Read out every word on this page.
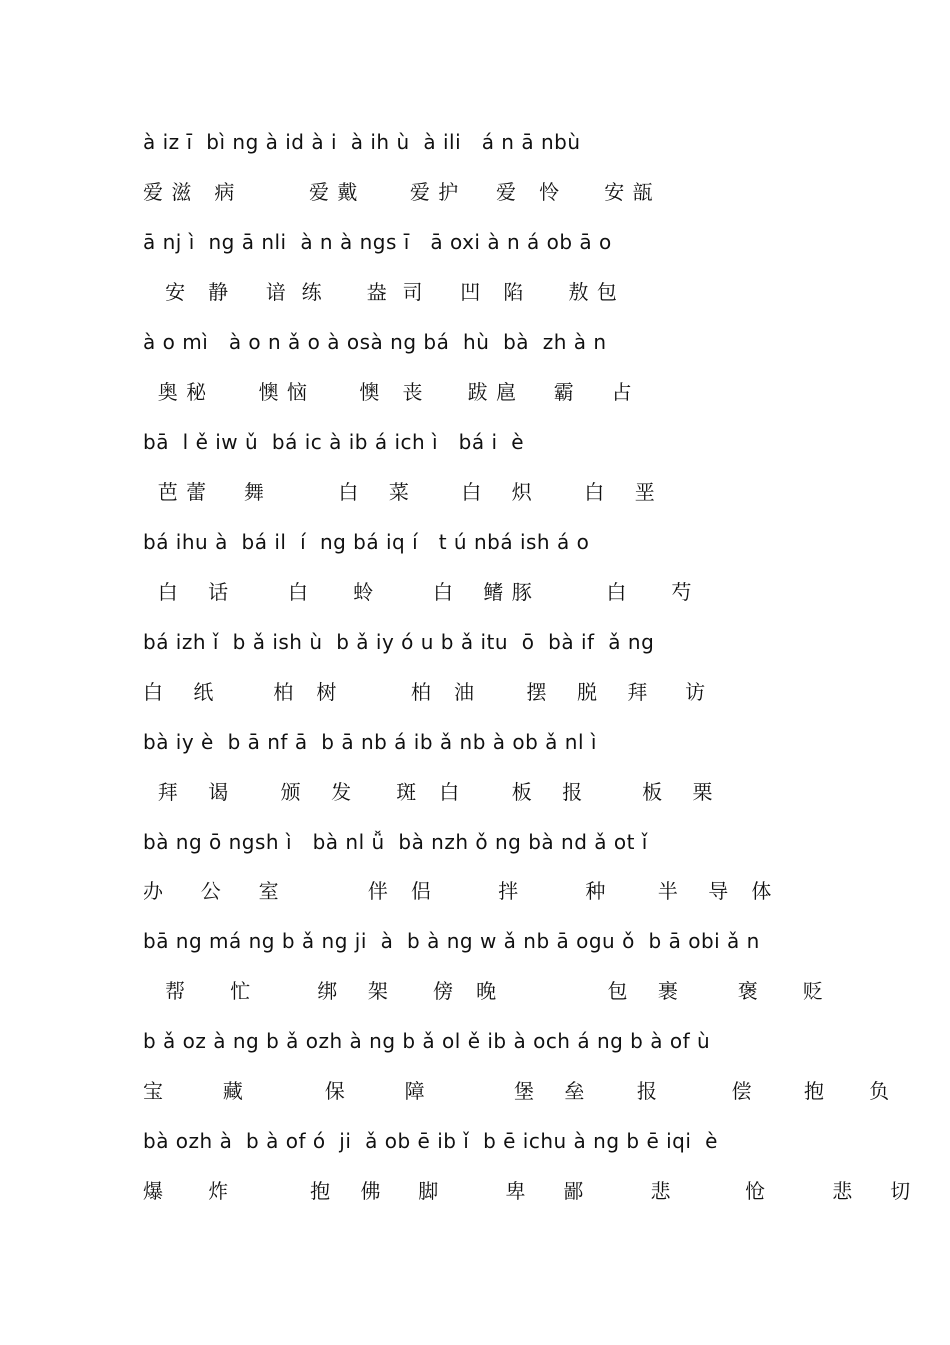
à iz ī  bì ng à id à i  à ih ù  à ili   á n ā nbù
爱 滋   病          爱 戴       爱 护     爱   怜      安 瓿
ā nj ì  ng ā nli  à n à ngs ī   ā oxi à n á ob ā o
安   静     谙  练      盎  司     凹   陷      敖 包
à o mì   à o n ǎ o à osà ng bá  hù  bà  zh à n
奥 秘       懊 恼       懊   丧      跋 扈     霸     占
bā  l ě iw ǔ  bá ic à ib á ich ì   bá i  è
芭 蕾     舞          白    菜       白    炽       白    垩
bá ihu à  bá il  í  ng bá iq í   t ú nbá ish á o
白    话        白      蛉        白    鳍 豚          白      芍
bá izh ǐ  b ǎ ish ù  b ǎ iy ó u b ǎ itu  ō  bà if  ǎ ng
白    纸        柏   树          柏   油       摆    脱    拜     访
bà iy è  b ā nf ā  b ā nb á ib ǎ nb à ob ǎ nl ì
拜    谒       颁    发      斑   白       板    报        板    栗
bà ng ō ngsh ì   bà nl ǚ  bà nzh ǒ ng bà nd ǎ ot ǐ
办     公     室            伴   侣         拌         种       半    导   体
bā ng má ng b ǎ ng ji  à  b à ng w ǎ nb ā ogu ǒ  b ā obi ǎ n
帮      忙         绑    架      傍   晚               包    裹        褒      贬
b ǎ oz à ng b ǎ ozh à ng b ǎ ol ě ib à och á ng b à of ù
宝        藏           保        障            堡    垒       报          偿       抱      负
bà ozh à  b à of ó  ji  ǎ ob ē ib ǐ  b ē ichu à ng b ē iqi  è
爆      炸           抱    佛     脚         卑     鄙         悲          怆         悲     切
